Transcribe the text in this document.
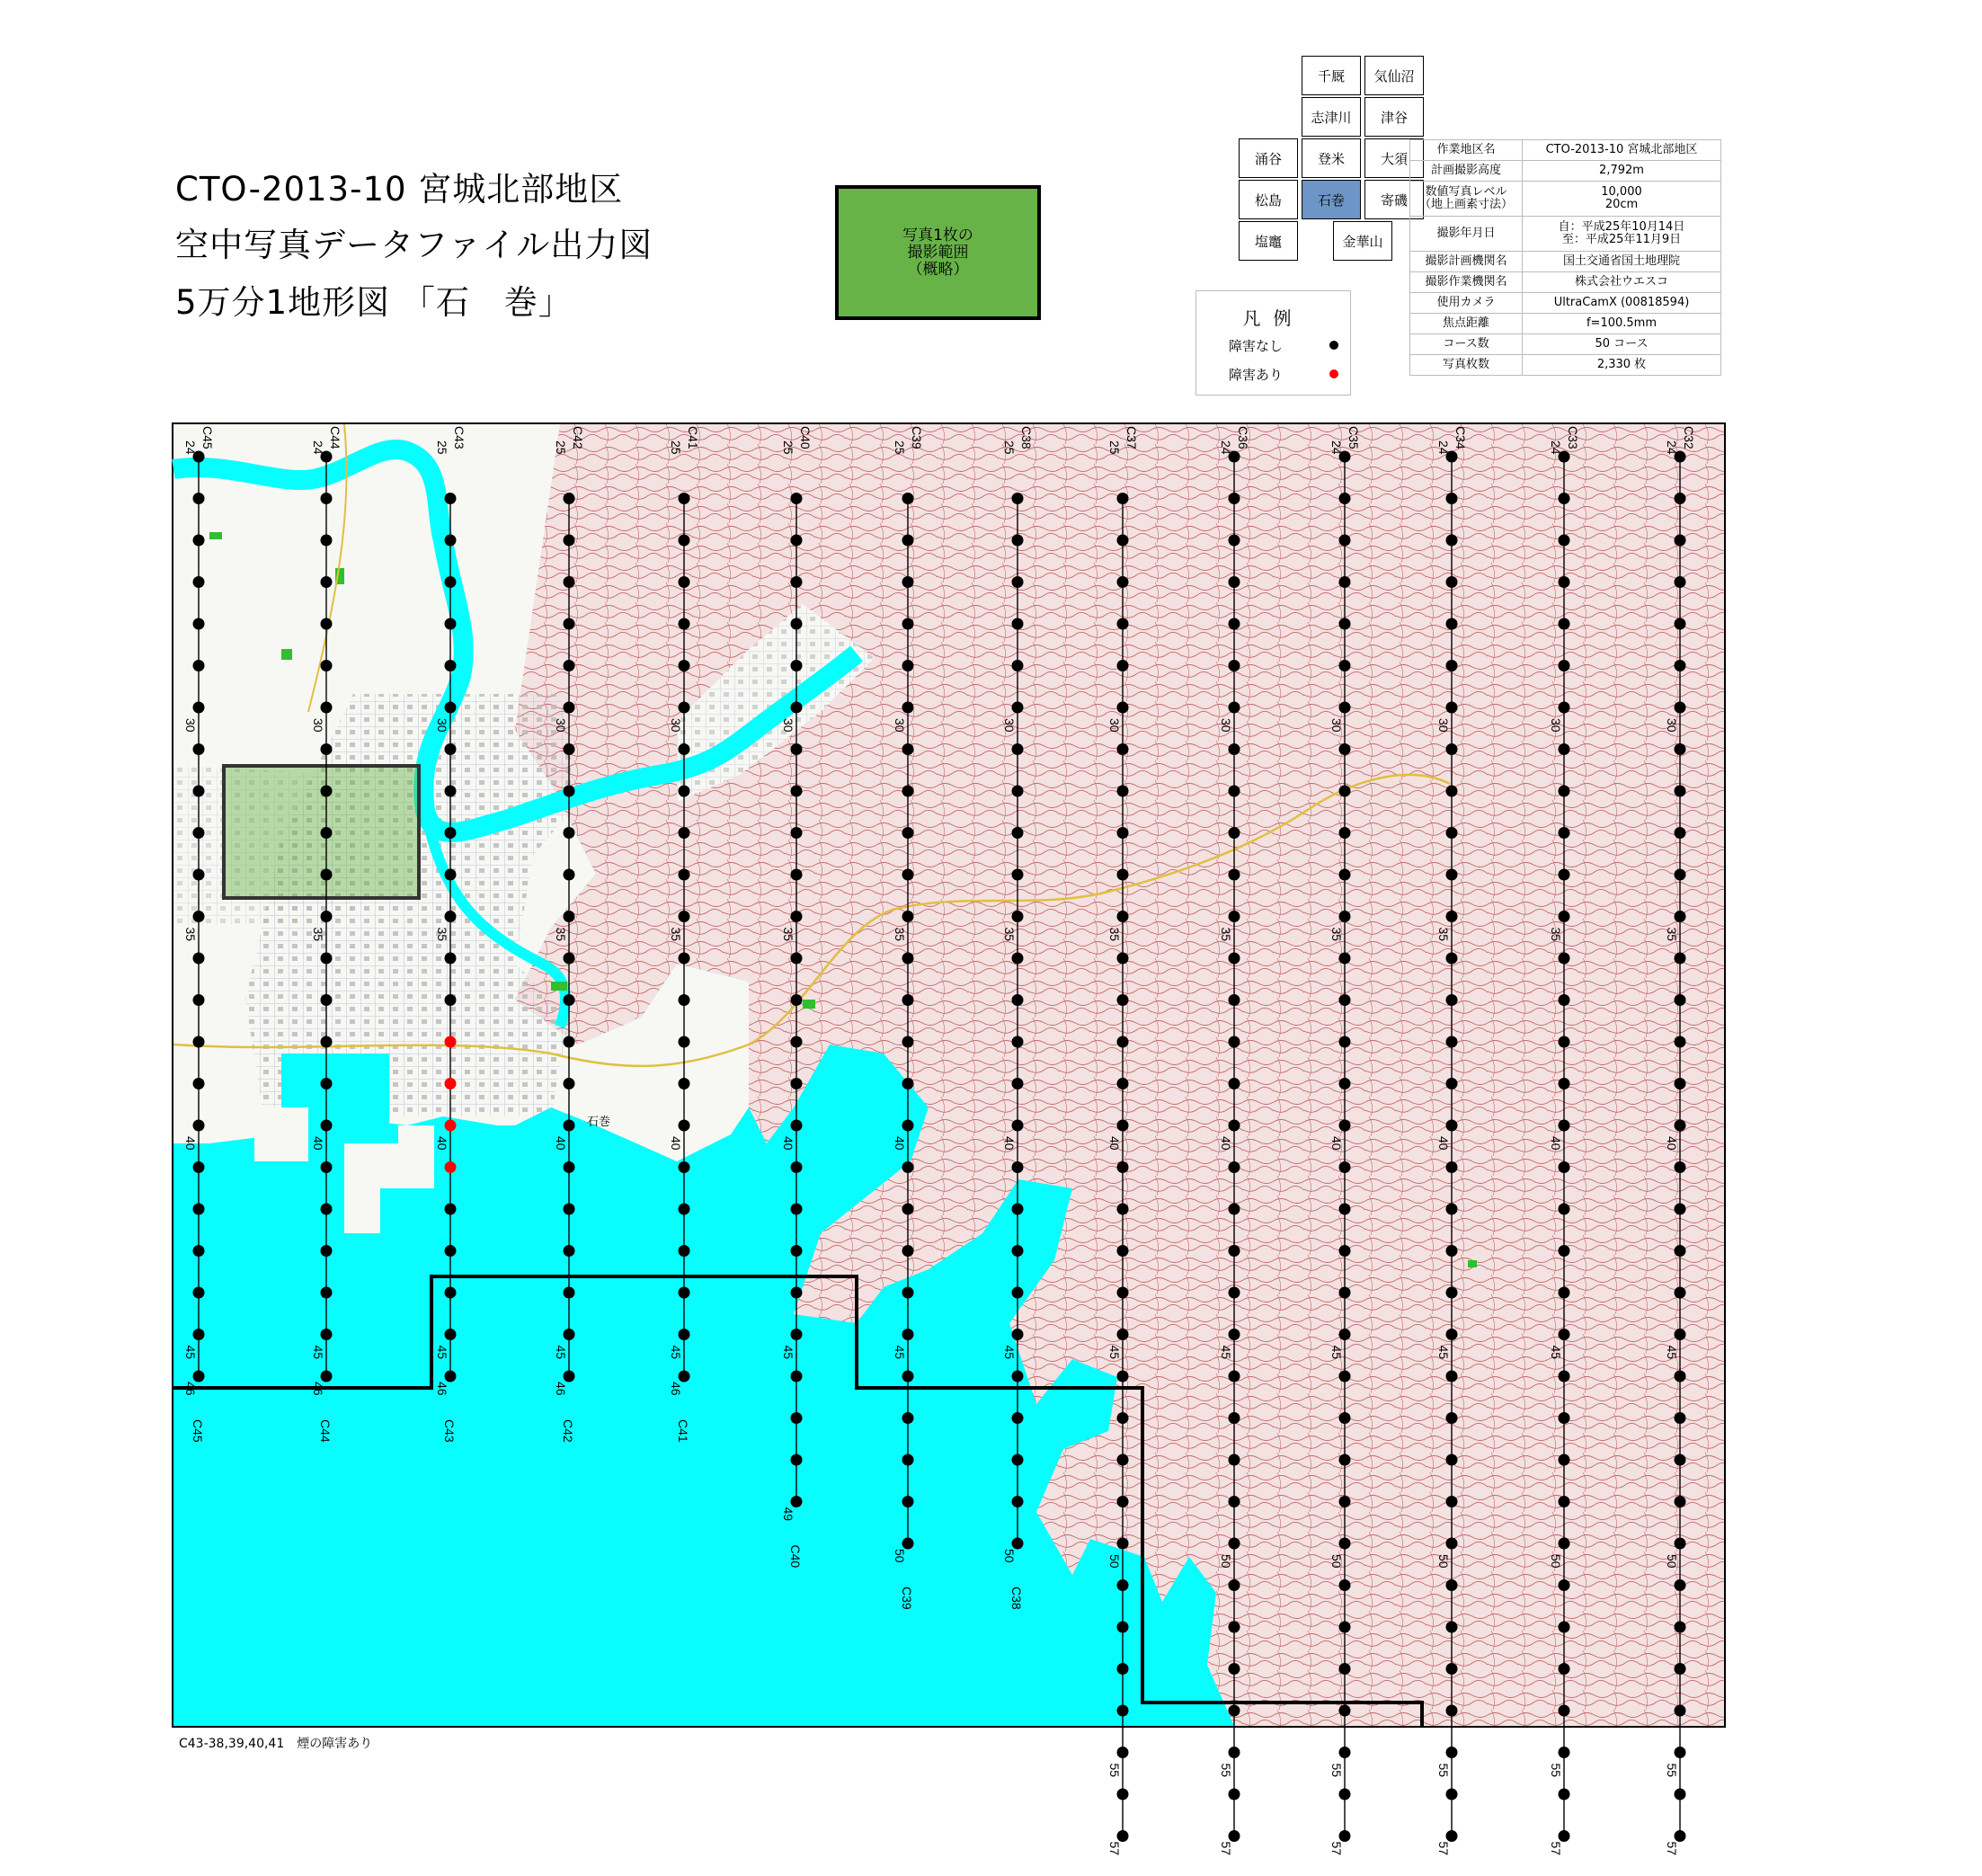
CTO-2013-10 宮城北部地区
空中写真データファイル出力図
5万分1地形図 「石　巻」
写真1枚の
撮影範囲
（概略）
千厩	気仙沼
志津川	津谷
涌谷	登米	大須
松島	石巻	寄磯
塩竈	金華山
凡例
障害なし
障害あり
作業地区名	CTO-2013-10 宮城北部地区
計画撮影高度	2,792m
数値写真レベル
（地上画素寸法）	10,000
20cm
撮影年月日	自：平成25年10月14日
至：平成25年11月9日
撮影計画機関名	国土交通省国土地理院
撮影作業機関名	株式会社ウエスコ
使用カメラ	UltraCamX (00818594)
焦点距離	f=100.5mm
コース数	50 コース
写真枚数	2,330 枚
C45
24
C45
46
30
35
40
45
C44
24
C44
46
30
35
40
45
C43
25
C43
46
30
35
40
45
C42
25
C42
46
30
35
40
45
C41
25
C41
46
30
35
40
45
C40
25
C40
49
30
35
40
45
C39
25
C39
50
30
35
40
45
C38
25
C38
50
30
35
40
45
C37
25
57
30
35
40
45
50
55
C36
24
57
30
35
40
45
50
55
C35
24
57
30
35
40
45
50
55
C34
24
57
30
35
40
45
50
55
C33
24
57
30
35
40
45
50
55
C32
24
57
30
35
40
45
50
55
石巻
C43-38,39,40,41　煙の障害あり
